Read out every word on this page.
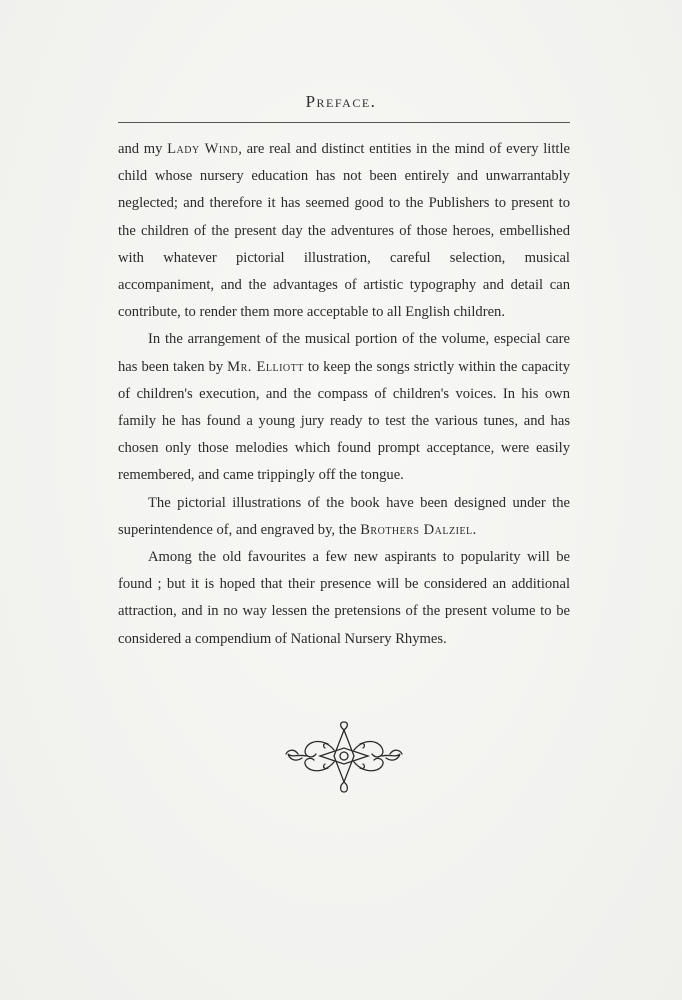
Preface.

and my Lady Wind, are real and distinct entities in the mind of every little child whose nursery education has not been entirely and unwarrantably neglected; and therefore it has seemed good to the Publishers to present to the children of the present day the adventures of those heroes, embellished with whatever pictorial illustration, careful selection, musical accompaniment, and the advantages of artistic typography and detail can contribute, to render them more acceptable to all English children.

In the arrangement of the musical portion of the volume, especial care has been taken by Mr. Elliott to keep the songs strictly within the capacity of children's execution, and the compass of children's voices. In his own family he has found a young jury ready to test the various tunes, and has chosen only those melodies which found prompt acceptance, were easily remembered, and came trippingly off the tongue.

The pictorial illustrations of the book have been designed under the superintendence of, and engraved by, the Brothers Dalziel.

Among the old favourites a few new aspirants to popularity will be found ; but it is hoped that their presence will be considered an additional attraction, and in no way lessen the pretensions of the present volume to be considered a compendium of National Nursery Rhymes.
